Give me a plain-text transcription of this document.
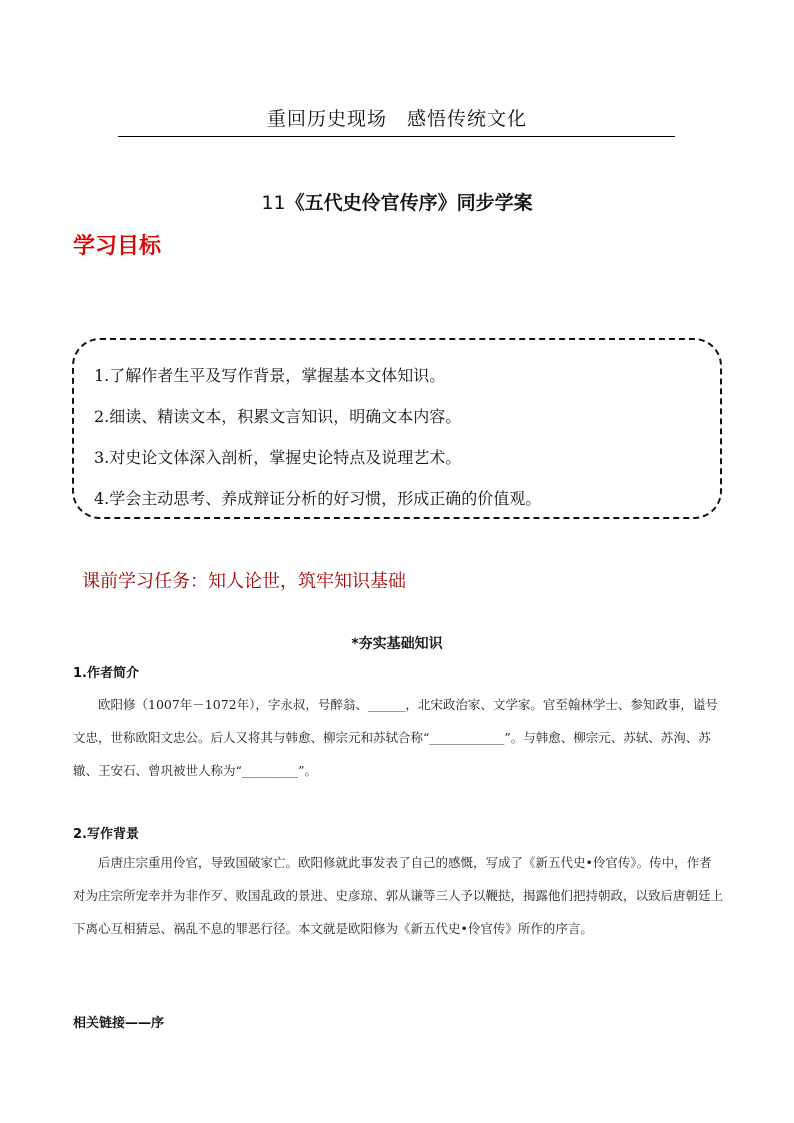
重回历史现场　感悟传统文化
11《五代史伶官传序》同步学案
学习目标
1.了解作者生平及写作背景，掌握基本文体知识。
2.细读、精读文本，积累文言知识，明确文本内容。
3.对史论文体深入剖析，掌握史论特点及说理艺术。
4.学会主动思考、养成辩证分析的好习惯，形成正确的价值观。
课前学习任务：知人论世，筑牢知识基础
*夯实基础知识
1.作者简介
欧阳修（1007年－1072年），字永叔，号醉翁、______，北宋政治家、文学家。官至翰林学士、参知政事，谥号文忠，世称欧阳文忠公。后人又将其与韩愈、柳宗元和苏轼合称“____________”。与韩愈、柳宗元、苏轼、苏洵、苏辙、王安石、曾巩被世人称为“_________”。
2.写作背景
后唐庄宗重用伶官，导致国破家亡。欧阳修就此事发表了自己的感慨，写成了《新五代史•伶官传》。传中，作者对为庄宗所宠幸并为非作歹、败国乱政的景进、史彦琼、郭从谦等三人予以鞭挞，揭露他们把持朝政，以致后唐朝廷上下离心互相猜忌、祸乱不息的罪恶行径。本文就是欧阳修为《新五代史•伶官传》所作的序言。
相关链接——序
